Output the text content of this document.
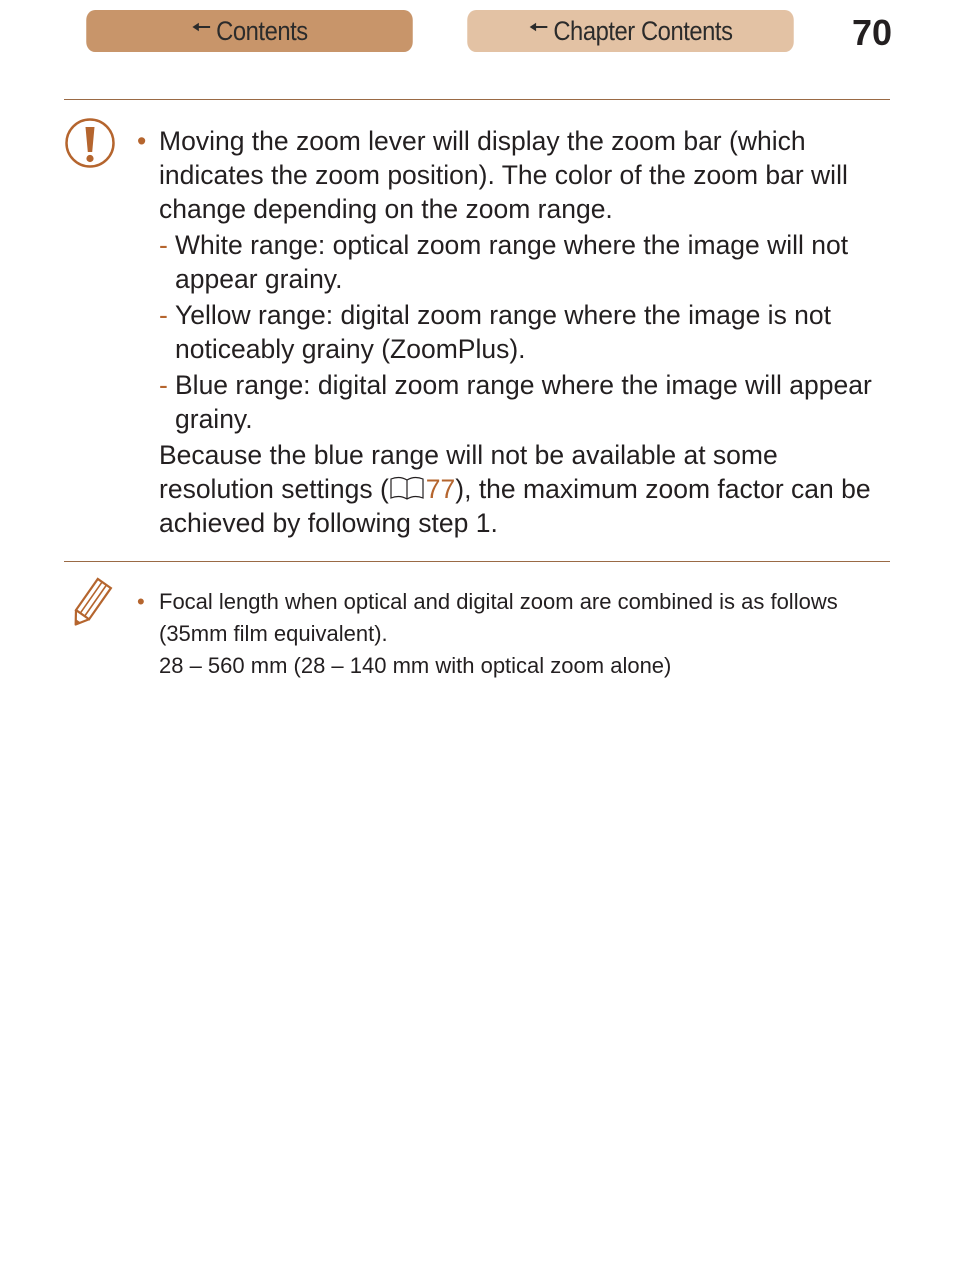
🠔 Contents	🠔 Chapter Contents	70
• Moving the zoom lever will display the zoom bar (which indicates the zoom position). The color of the zoom bar will change depending on the zoom range.
- White range: optical zoom range where the image will not appear grainy.
- Yellow range: digital zoom range where the image is not noticeably grainy (ZoomPlus).
- Blue range: digital zoom range where the image will appear grainy.
Because the blue range will not be available at some resolution settings ( 77), the maximum zoom factor can be achieved by following step 1.
• Focal length when optical and digital zoom are combined is as follows (35mm film equivalent).
28 – 560 mm (28 – 140 mm with optical zoom alone)
